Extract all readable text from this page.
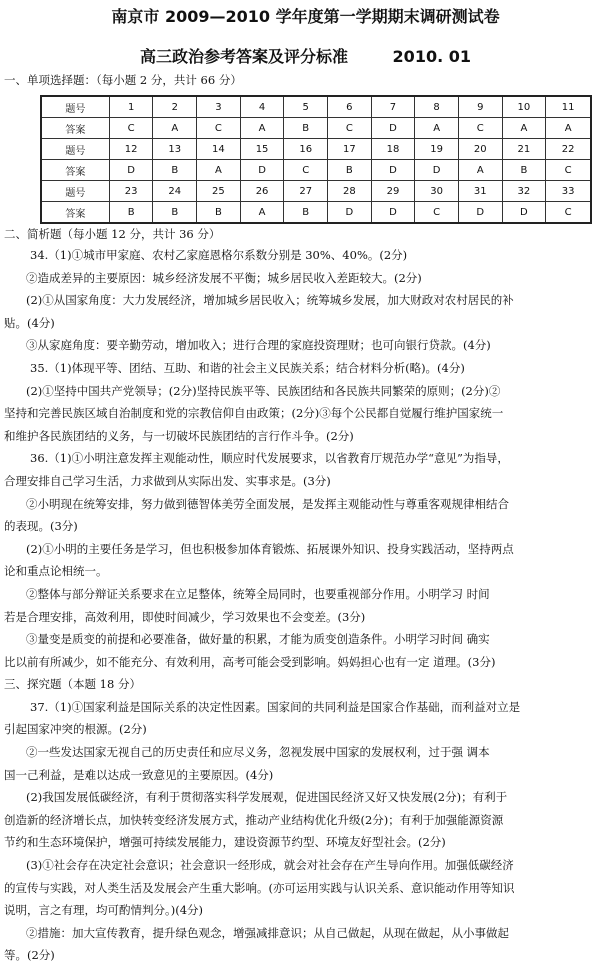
南京市 2009—2010 学年度第一学期期末调研测试卷
高三政治参考答案及评分标准        2010. 01
一、单项选择题：（每小题 2 分，共计 66 分）
题号	1	2	3	4	5	6	7	8	9	10	11
答案	C	A	C	A	B	C	D	A	C	A	A
题号	12	13	14	15	16	17	18	19	20	21	22
答案	D	B	A	D	C	B	D	D	A	B	C
题号	23	24	25	26	27	28	29	30	31	32	33
答案	B	B	B	A	B	D	D	C	D	D	C
二、简析题（每小题 12 分，共计 36 分）

34.（1)①城市甲家庭、农村乙家庭恩格尔系数分别是 30%、40%。(2分)

②造成差异的主要原因：城乡经济发展不平衡；城乡居民收入差距较大。(2分)

(2)①从国家角度：大力发展经济，增加城乡居民收入；统筹城乡发展，加大财政对农村居民的补

贴。(4分)

③从家庭角度：要辛勤劳动，增加收入；进行合理的家庭投资理财；也可向银行贷款。(4分)

35.（1)体现平等、团结、互助、和谐的社会主义民族关系；结合材料分析(略)。(4分)

(2)①坚持中国共产党领导；(2分)坚持民族平等、民族团结和各民族共同繁荣的原则；(2分)②

坚持和完善民族区域自治制度和党的宗教信仰自由政策；(2分)③每个公民都自觉履行维护国家统一

和维护各民族团结的义务，与一切破坏民族团结的言行作斗争。(2分)

36.（1)①小明注意发挥主观能动性，顺应时代发展要求，以省教育厅规范办学“意见”为指导，

合理安排自己学习生活，力求做到从实际出发、实事求是。(3分)

②小明现在统筹安排，努力做到德智体美劳全面发展，是发挥主观能动性与尊重客观规律相结合

的表现。(3分)

(2)①小明的主要任务是学习，但也积极参加体育锻炼、拓展课外知识、投身实践活动，坚持两点

论和重点论相统一。

②整体与部分辩证关系要求在立足整体，统筹全局同时，也要重视部分作用。小明学习 时间

若是合理安排，高效利用，即使时间减少，学习效果也不会变差。(3分)

③量变是质变的前提和必要准备，做好量的积累，才能为质变创造条件。小明学习时间 确实

比以前有所减少，如不能充分、有效利用，高考可能会受到影响。妈妈担心也有一定 道理。(3分)

三、探究题（本题 18 分）

37.（1)①国家利益是国际关系的决定性因素。国家间的共同利益是国家合作基础，而利益对立是

引起国家冲突的根源。(2分)

②一些发达国家无视自己的历史责任和应尽义务，忽视发展中国家的发展权利，过于强 调本

国一己利益，是难以达成一致意见的主要原因。(4分)

(2)我国发展低碳经济，有利于贯彻落实科学发展观，促进国民经济又好又快发展(2分)；有利于

创造新的经济增长点，加快转变经济发展方式，推动产业结构优化升级(2分)；有利于加强能源资源

节约和生态环境保护，增强可持续发展能力，建设资源节约型、环境友好型社会。(2分)

(3)①社会存在决定社会意识；社会意识一经形成，就会对社会存在产生导向作用。加强低碳经济

的宣传与实践，对人类生活及发展会产生重大影响。(亦可运用实践与认识关系、意识能动作用等知识

说明，言之有理，均可酌情判分。)(4分)

②措施：加大宣传教育，提升绿色观念，增强减排意识；从自己做起，从现在做起，从小事做起

等。(2分)
